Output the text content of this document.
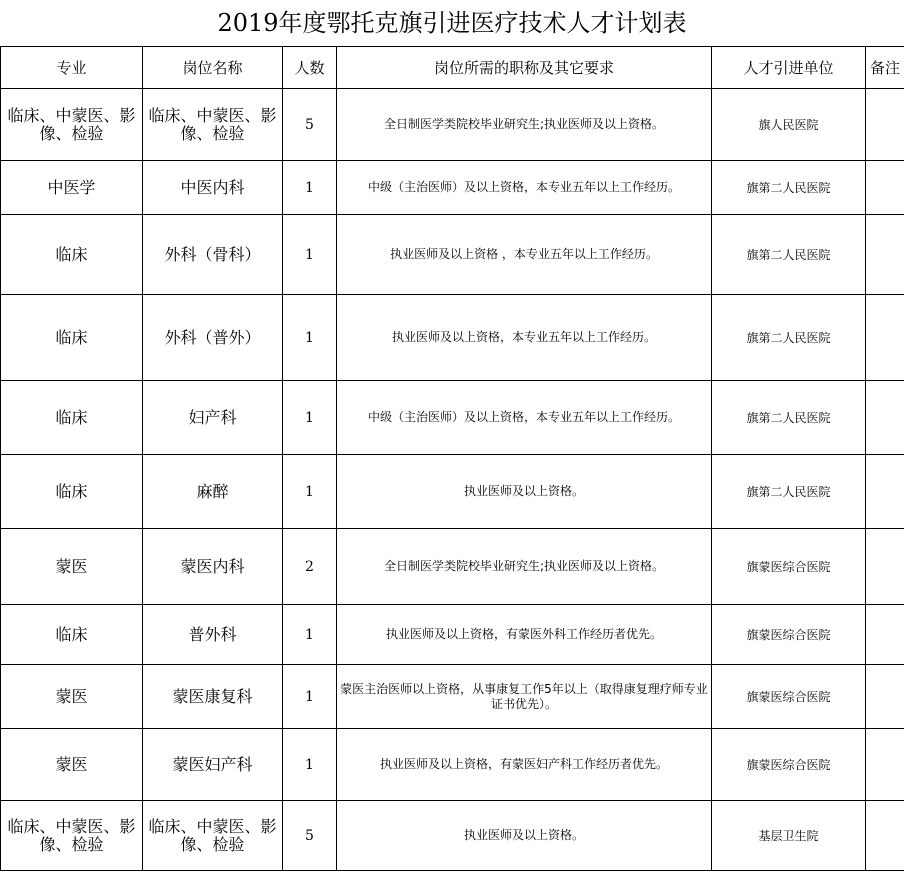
2019年度鄂托克旗引进医疗技术人才计划表
专业	岗位名称	人数	岗位所需的职称及其它要求	人才引进单位	备注
临床、中蒙医、影像、检验	临床、中蒙医、影像、检验	5	全日制医学类院校毕业研究生;执业医师及以上资格。	旗人民医院	
中医学	中医内科	1	中级（主治医师）及以上资格，本专业五年以上工作经历。	旗第二人民医院	
临床	外科（骨科）	1	执业医师及以上资格 ，本专业五年以上工作经历。	旗第二人民医院	
临床	外科（普外）	1	执业医师及以上资格，本专业五年以上工作经历。	旗第二人民医院	
临床	妇产科	1	中级（主治医师）及以上资格，本专业五年以上工作经历。	旗第二人民医院	
临床	麻醉	1	执业医师及以上资格。	旗第二人民医院	
蒙医	蒙医内科	2	全日制医学类院校毕业研究生;执业医师及以上资格。	旗蒙医综合医院	
临床	普外科	1	执业医师及以上资格，有蒙医外科工作经历者优先。	旗蒙医综合医院	
蒙医	蒙医康复科	1	蒙医主治医师以上资格，从事康复工作5年以上（取得康复理疗师专业证书优先）。	旗蒙医综合医院	
蒙医	蒙医妇产科	1	执业医师及以上资格，有蒙医妇产科工作经历者优先。	旗蒙医综合医院	
临床、中蒙医、影像、检验	临床、中蒙医、影像、检验	5	执业医师及以上资格。	基层卫生院	
